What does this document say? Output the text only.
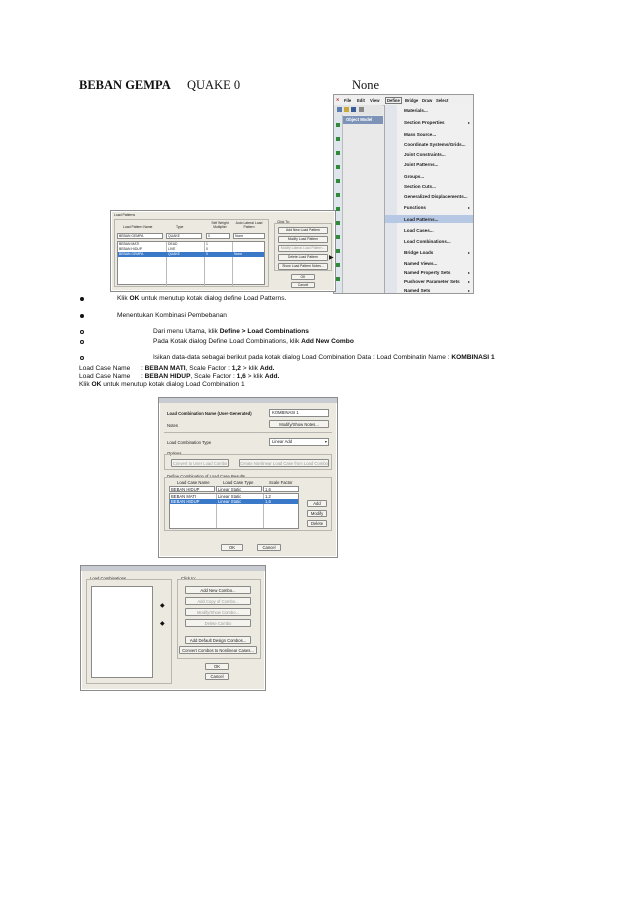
BEBAN GEMPA QUAKE 0	None
✕ File Edit View	Define	Bridge Draw Select
Object Model
Materials...
Section Properties
Mass Source...
Coordinate Systems/Grids...
Joint Constraints...
Joint Patterns...
Groups...
Section Cuts...
Generalized Displacements...
Functions
Load Patterns...
Load Cases...
Load Combinations...
Bridge Loads
Named Views...
Named Property Sets
Pushover Parameter Sets
Named Sets
▸
▸
▸
▸
▸
▸
Load Patterns
Load Pattern Name	Type
Self Weight Multiplier
Auto Lateral Load Pattern
BEBAN GEMPA	QUAKE	0	None
BEBAN MATI	DEAD	1
BEBAN HIDUP	LIVE	0
BEBAN GEMPA	QUAKE	0	None
Click To:
Add New Load Pattern
Modify Load Pattern
Modify Lateral Load Pattern...
Delete Load Pattern
Show Load Pattern Notes...
OK
Cancel
▶
Klik OK untuk menutup kotak dialog define Load Patterns.
Menentukan Kombinasi Pembebanan
Dari menu Utama, klik Define > Load Combinations
Pada Kotak dialog Define Load Combinations, klik Add New Combo
Isikan data-data sebagai berikut pada kotak dialog Load Combination Data : Load Combinatin Name : KOMBINASI 1
Load Case Name : BEBAN MATI, Scale Factor : 1,2 > klik Add.
Load Case Name : BEBAN HIDUP, Scale Factor : 1,6 > klik Add.
Klik OK untuk menutup kotak dialog Load Combination 1
Load Combination Name (User-Generated)	KOMBINASI 1
Notes	Modify/Show Notes...
Load Combination Type	Linear Add	▾
Options
Convert to User Load Combo	Create Nonlinear Load Case from Load Combo
Define Combination of Load Case Results
Load Case Name	Load Case Type	Scale Factor
BEBAN HIDUP	Linear Static	1,6
BEBAN MATI	Linear Static	1,2
BEBAN HIDUP	Linear Static	1,6	Add
Modify
Delete
OK	Cancel
Load Combinations
◆
◆
Click to:
Add New Combo...
Add Copy of Combo...
Modify/Show Combo...
Delete Combo
Add Default Design Combos...
Convert Combos to Nonlinear Cases...
OK
Cancel
